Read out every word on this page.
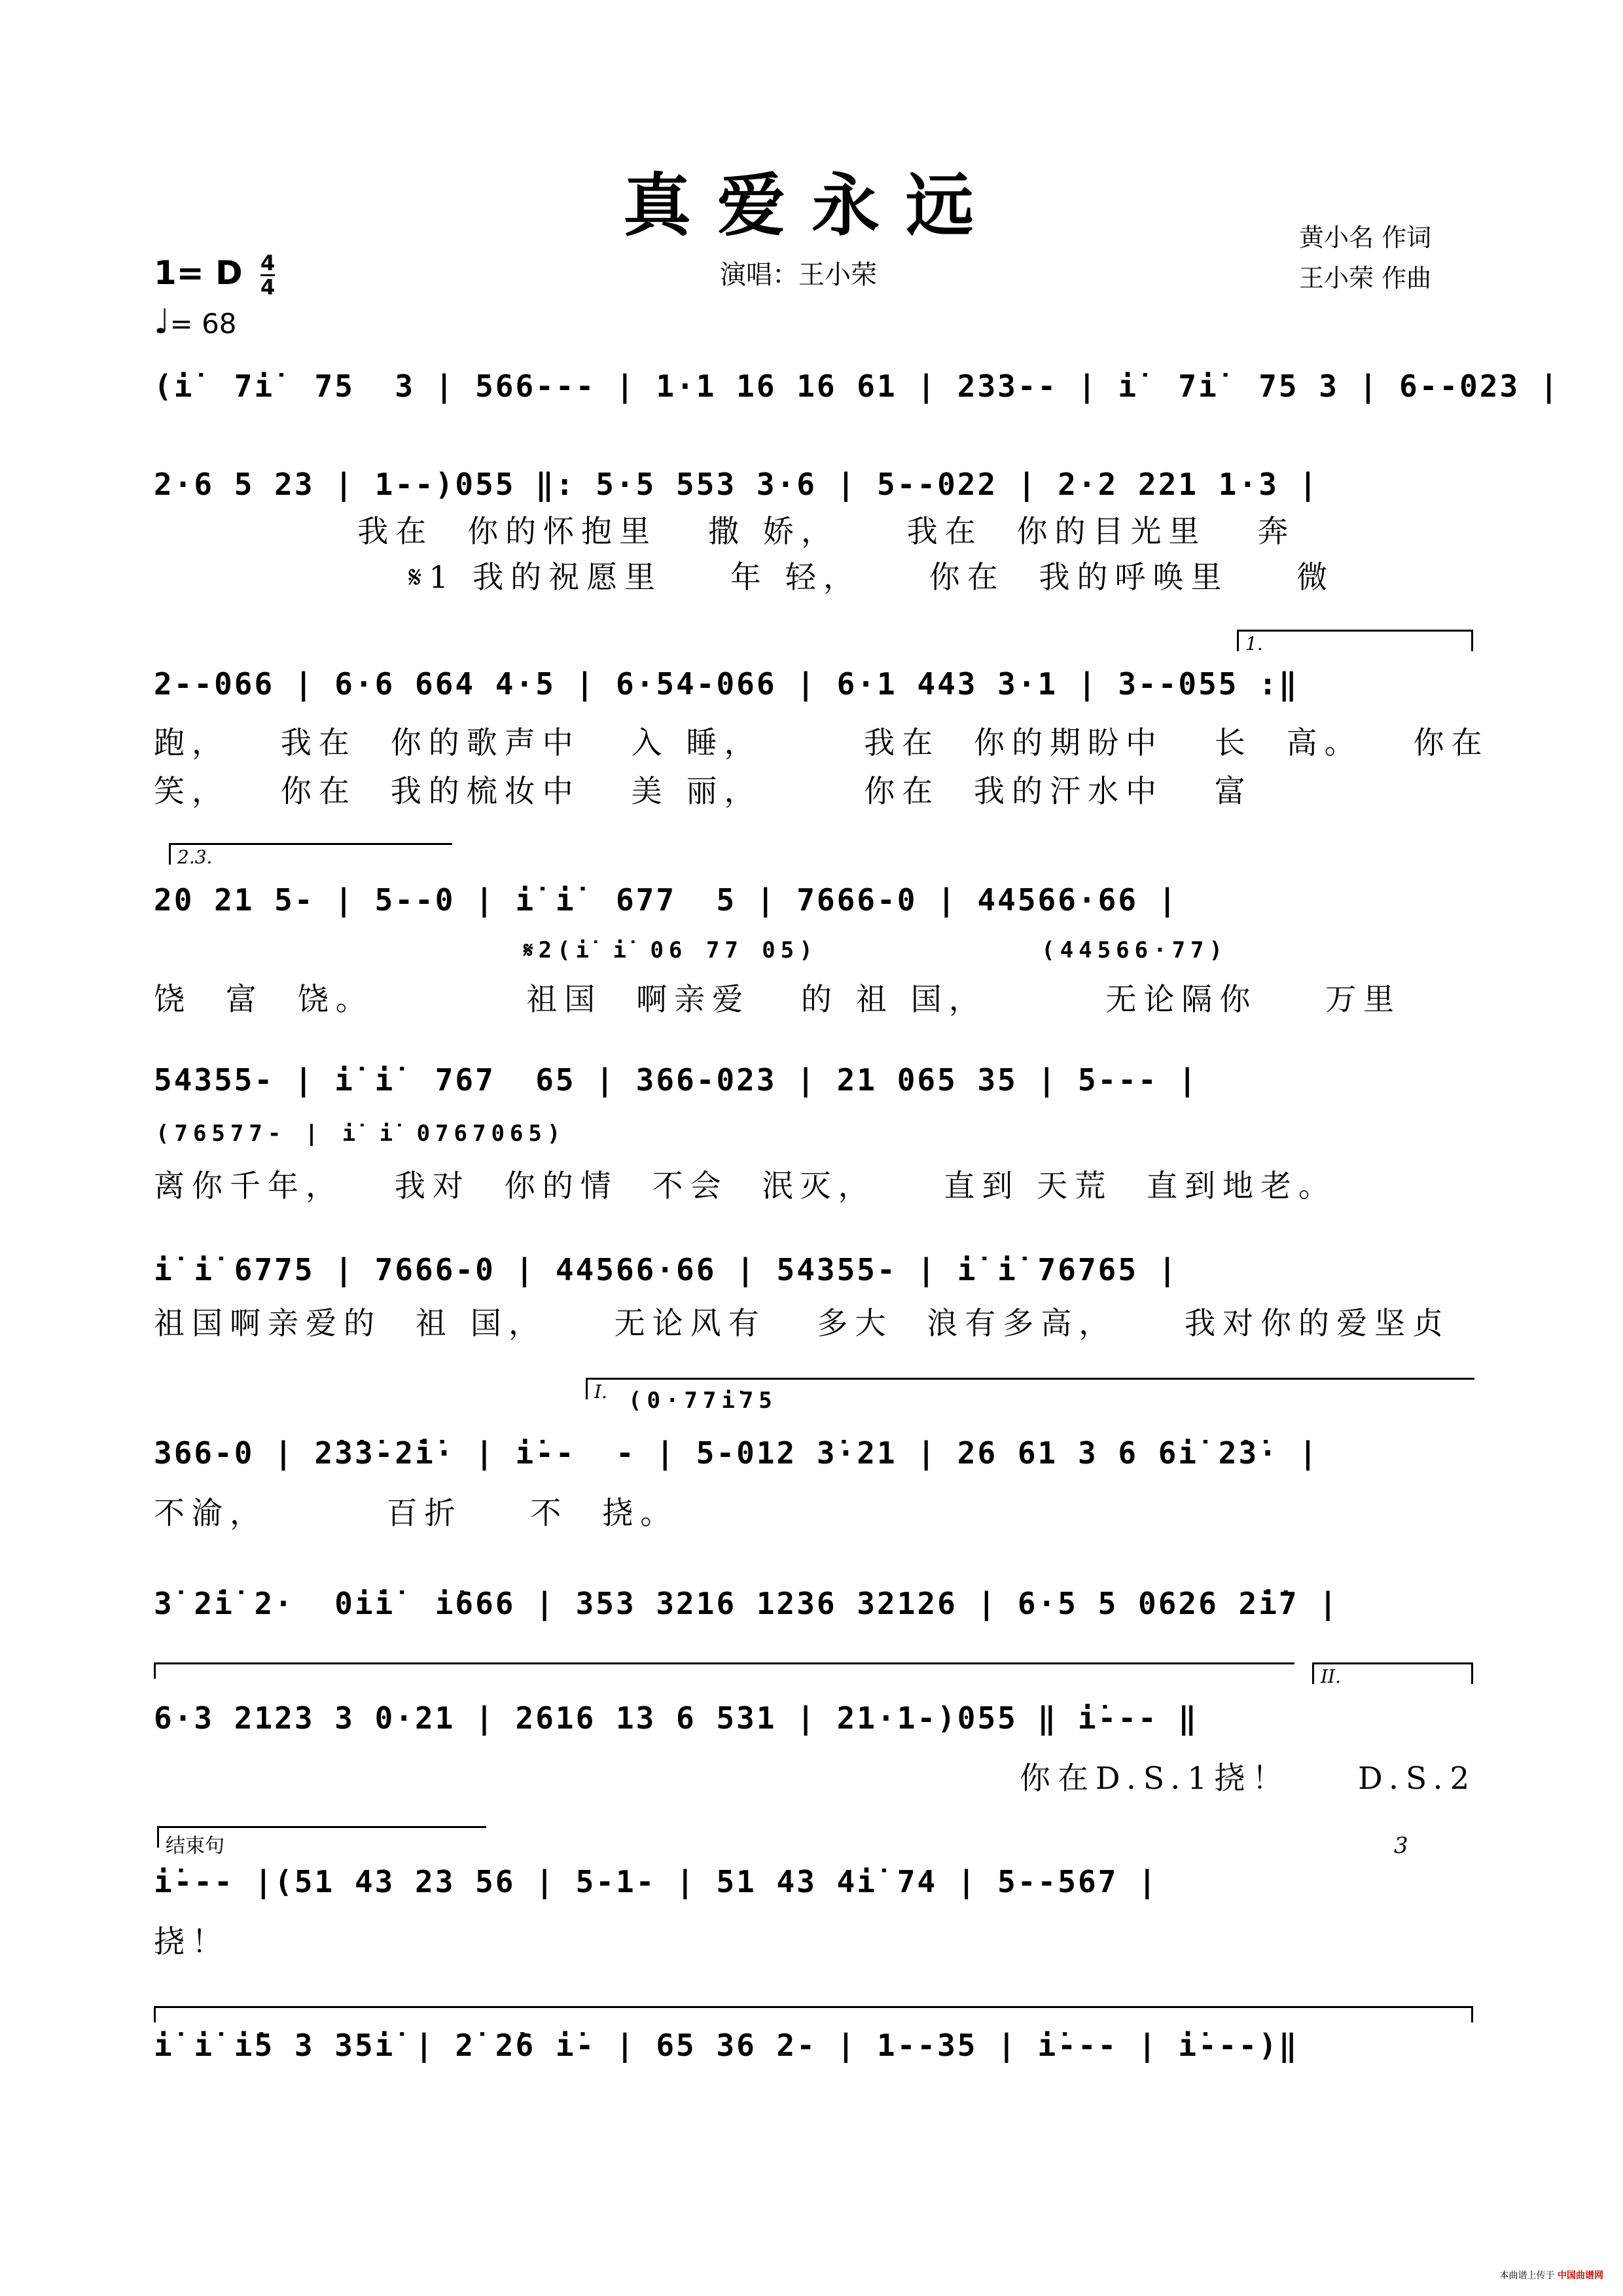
真爱永远
1= D $\frac{4}{4}$
♩= 68
演唱：王小荣
黄小名 作词
王小荣 作曲
(i̇  7i̇  75  3 | 566--- | 1·1 16 16 61 | 233-- | i̇  7i̇  75 3 | 6--023 |
2·6 5 23 | 1--)055 ‖: 5·5 553 3·6 | 5--022 | 2·2 221 1·3 |
我在  你的怀抱里   撒 娇，    我在  你的目光里   奔
𝄋1 我的祝愿里    年 轻，    你在  我的呼唤里    微
1.
2--066 | 6·6 664 4·5 | 6·54-066 | 6·1 443 3·1 | 3--055 :‖
跑，   我在  你的歌声中   入 睡，      我在  你的期盼中   长  高。   你在
笑，   你在  我的梳妆中   美 丽，      你在  我的汗水中   富
2.3.
20 21 5- | 5--0 | i̇ i̇  677  5 | 7666-0 | 44566·66 |
𝄋2(i̇ i̇ 06 77 05)            (44566·77)
饶  富  饶。         祖国  啊亲爱   的 祖 国，       无论隔你    万里
54355- | i̇ i̇  767  65 | 366-023 | 21 065 35 | 5--- |
(76577- | i̇ i̇ 0767065)
离你千年，   我对  你的情  不会  泯灭，    直到 天荒  直到地老。
i̇ i̇ 6775 | 7666-0 | 44566·66 | 54355- | i̇ i̇ 76765 |
祖国啊亲爱的  祖 国，    无论风有   多大  浪有多高，    我对你的爱坚贞
I. (0·77i̇75
366-0 | 2̇3̇3̇-2̇i̇· | i̇--  - | 5-012 3̇·21 | 26 61 3 6 6i̇ 2̇3̇· |
不渝，       百折    不  挠。
3̇ 2̇i̇ 2·  0i̇i̇  i̇666 | 353 3216 1236 32126 | 6·5 5 0626 2̇i̇7 |
II.
6·3 2123 3 0·21 | 2616 13 6 531 | 21·1-)055 ‖ i̇--- ‖
你在D.S.1挠！    D.S.2
结束句	3
i̇--- |(51 43 23 56 | 5-1- | 51 43 4i̇ 74 | 5--567 |
挠！
i̇ i̇ i̇5 3 35i̇ | 2̇ 2̇6 i̇- | 65 36 2- | 1--35 | i̇--- | i̇---)‖
本曲谱上传于 中国曲谱网
